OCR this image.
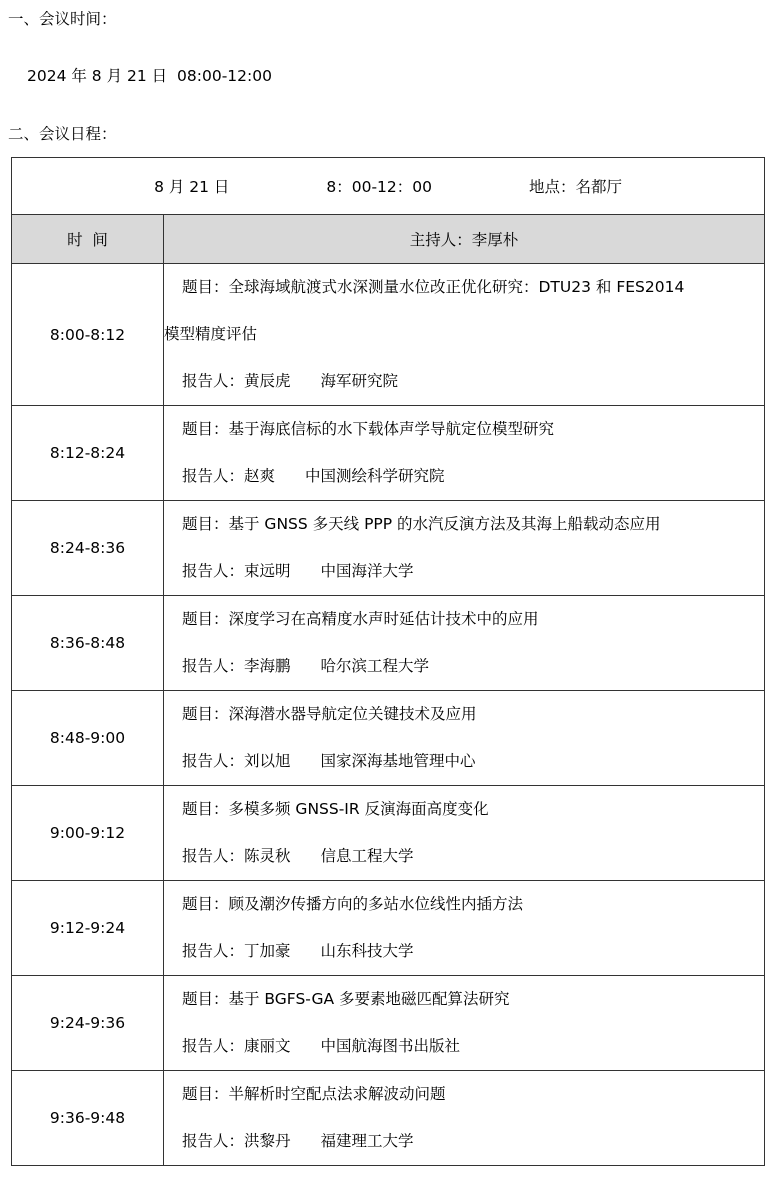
一、会议时间：
2024 年 8 月 21 日  08:00-12:00
二、会议日程：
8 月 21 日 8：00-12：00 地点：名都厅	
时  间	主持人：李厚朴
8:00-8:12	题目：全球海域航渡式水深测量水位改正优化研究：DTU23 和 FES2014
模型精度评估
报告人：黄辰虎 海军研究院

8:12-8:24	题目：基于海底信标的水下载体声学导航定位模型研究
报告人：赵爽 中国测绘科学研究院

8:24-8:36	题目：基于 GNSS 多天线 PPP 的水汽反演方法及其海上船载动态应用
报告人：束远明 中国海洋大学

8:36-8:48	题目：深度学习在高精度水声时延估计技术中的应用
报告人：李海鹏 哈尔滨工程大学

8:48-9:00	题目：深海潜水器导航定位关键技术及应用
报告人：刘以旭 国家深海基地管理中心

9:00-9:12	题目：多模多频 GNSS-IR 反演海面高度变化
报告人：陈灵秋 信息工程大学

9:12-9:24	题目：顾及潮汐传播方向的多站水位线性内插方法
报告人：丁加豪 山东科技大学

9:24-9:36	题目：基于 BGFS-GA 多要素地磁匹配算法研究
报告人：康丽文 中国航海图书出版社

9:36-9:48	题目：半解析时空配点法求解波动问题
报告人：洪黎丹 福建理工大学
